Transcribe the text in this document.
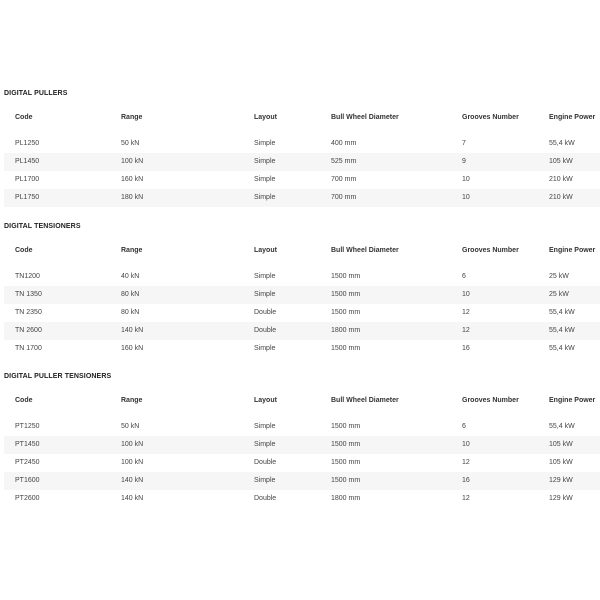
DIGITAL PULLERS
Code	Range	Layout	Bull Wheel Diameter	Grooves Number	Engine Power

PL1250	50 kN	Simple	400 mm	7	55,4 kW
PL1450	100 kN	Simple	525 mm	9	105 kW
PL1700	160 kN	Simple	700 mm	10	210 kW
PL1750	180 kN	Simple	700 mm	10	210 kW
DIGITAL TENSIONERS
Code	Range	Layout	Bull Wheel Diameter	Grooves Number	Engine Power

TN1200	40 kN	Simple	1500 mm	6	25 kW
TN 1350	80 kN	Simple	1500 mm	10	25 kW
TN 2350	80 kN	Double	1500 mm	12	55,4 kW
TN 2600	140 kN	Double	1800 mm	12	55,4 kW
TN 1700	160 kN	Simple	1500 mm	16	55,4 kW
DIGITAL PULLER TENSIONERS
Code	Range	Layout	Bull Wheel Diameter	Grooves Number	Engine Power

PT1250	50 kN	Simple	1500 mm	6	55,4 kW
PT1450	100 kN	Simple	1500 mm	10	105 kW
PT2450	100 kN	Double	1500 mm	12	105 kW
PT1600	140 kN	Simple	1500 mm	16	129 kW
PT2600	140 kN	Double	1800 mm	12	129 kW
